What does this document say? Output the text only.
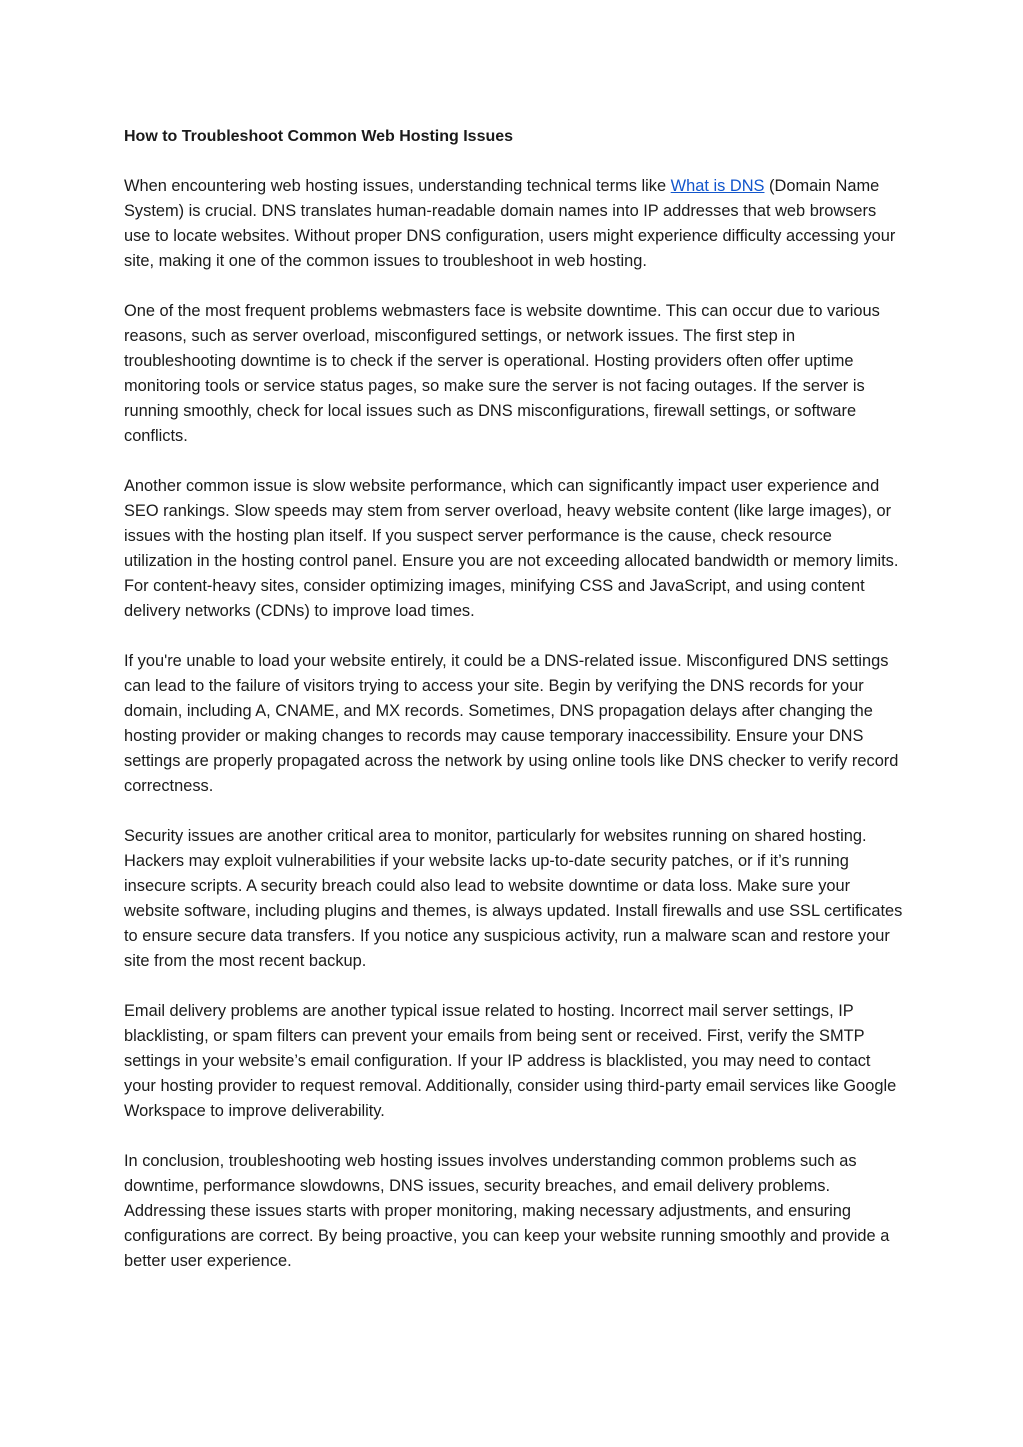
How to Troubleshoot Common Web Hosting Issues

When encountering web hosting issues, understanding technical terms like What is DNS (Domain Name System) is crucial. DNS translates human-readable domain names into IP addresses that web browsers use to locate websites. Without proper DNS configuration, users might experience difficulty accessing your site, making it one of the common issues to troubleshoot in web hosting.

One of the most frequent problems webmasters face is website downtime. This can occur due to various reasons, such as server overload, misconfigured settings, or network issues. The first step in troubleshooting downtime is to check if the server is operational. Hosting providers often offer uptime monitoring tools or service status pages, so make sure the server is not facing outages. If the server is running smoothly, check for local issues such as DNS misconfigurations, firewall settings, or software conflicts.

Another common issue is slow website performance, which can significantly impact user experience and SEO rankings. Slow speeds may stem from server overload, heavy website content (like large images), or issues with the hosting plan itself. If you suspect server performance is the cause, check resource utilization in the hosting control panel. Ensure you are not exceeding allocated bandwidth or memory limits. For content-heavy sites, consider optimizing images, minifying CSS and JavaScript, and using content delivery networks (CDNs) to improve load times.

If you're unable to load your website entirely, it could be a DNS-related issue. Misconfigured DNS settings can lead to the failure of visitors trying to access your site. Begin by verifying the DNS records for your domain, including A, CNAME, and MX records. Sometimes, DNS propagation delays after changing the hosting provider or making changes to records may cause temporary inaccessibility. Ensure your DNS settings are properly propagated across the network by using online tools like DNS checker to verify record correctness.

Security issues are another critical area to monitor, particularly for websites running on shared hosting. Hackers may exploit vulnerabilities if your website lacks up-to-date security patches, or if it’s running insecure scripts. A security breach could also lead to website downtime or data loss. Make sure your website software, including plugins and themes, is always updated. Install firewalls and use SSL certificates to ensure secure data transfers. If you notice any suspicious activity, run a malware scan and restore your site from the most recent backup.

Email delivery problems are another typical issue related to hosting. Incorrect mail server settings, IP blacklisting, or spam filters can prevent your emails from being sent or received. First, verify the SMTP settings in your website’s email configuration. If your IP address is blacklisted, you may need to contact your hosting provider to request removal. Additionally, consider using third-party email services like Google Workspace to improve deliverability.

In conclusion, troubleshooting web hosting issues involves understanding common problems such as downtime, performance slowdowns, DNS issues, security breaches, and email delivery problems. Addressing these issues starts with proper monitoring, making necessary adjustments, and ensuring configurations are correct. By being proactive, you can keep your website running smoothly and provide a better user experience.
